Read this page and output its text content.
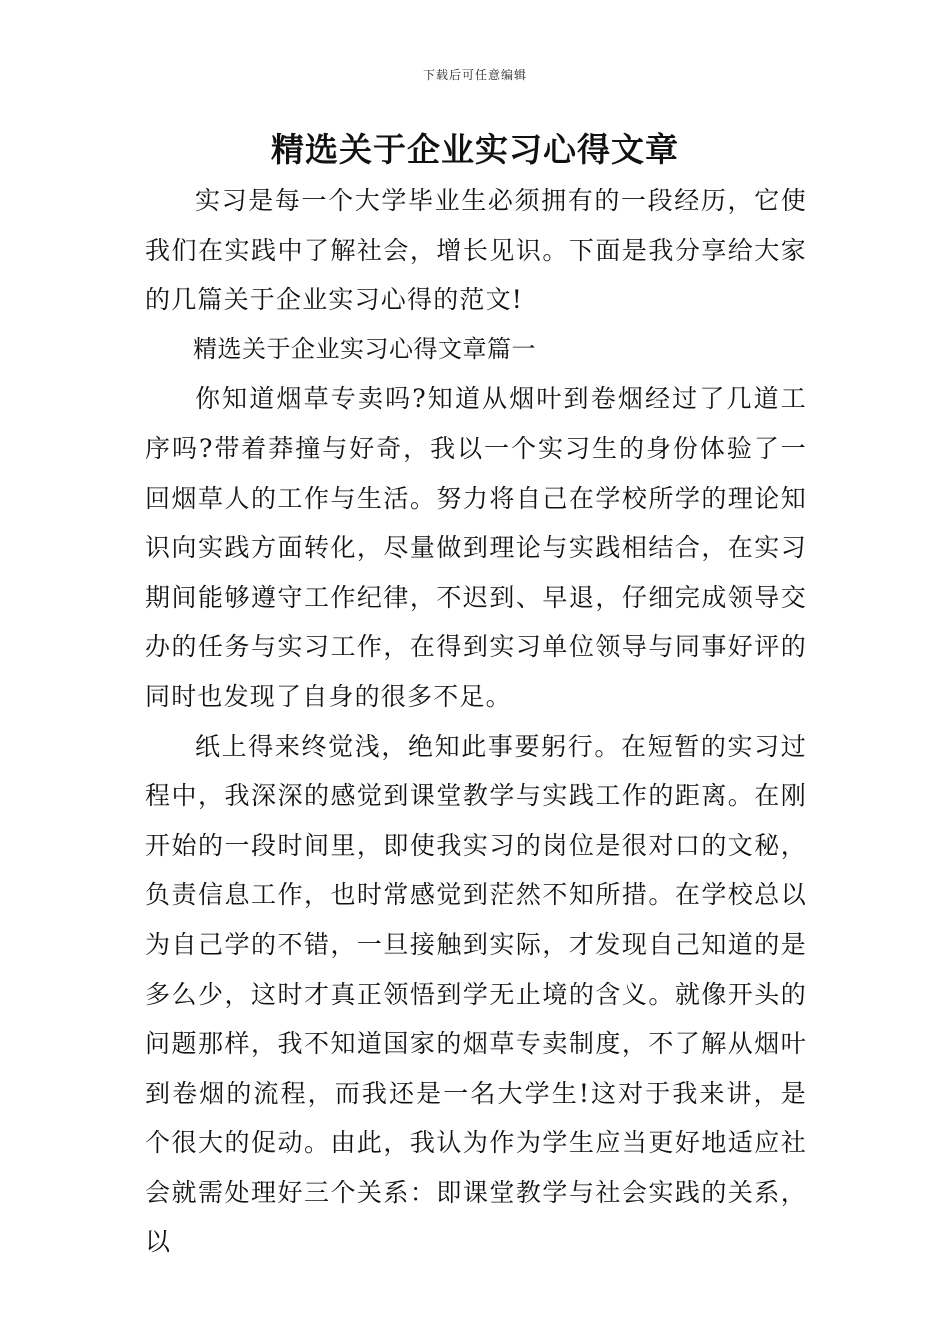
下载后可任意编辑
精选关于企业实习心得文章

实习是每一个大学毕业生必须拥有的一段经历，它使我们在实践中了解社会，增长见识。下面是我分享给大家的几篇关于企业实习心得的范文!

精选关于企业实习心得文章篇一

你知道烟草专卖吗?知道从烟叶到卷烟经过了几道工序吗?带着莽撞与好奇，我以一个实习生的身份体验了一回烟草人的工作与生活。努力将自己在学校所学的理论知识向实践方面转化，尽量做到理论与实践相结合，在实习期间能够遵守工作纪律，不迟到、早退，仔细完成领导交办的任务与实习工作，在得到实习单位领导与同事好评的同时也发现了自身的很多不足。

纸上得来终觉浅，绝知此事要躬行。在短暂的实习过程中，我深深的感觉到课堂教学与实践工作的距离。在刚开始的一段时间里，即使我实习的岗位是很对口的文秘，负责信息工作，也时常感觉到茫然不知所措。在学校总以为自己学的不错，一旦接触到实际，才发现自己知道的是多么少，这时才真正领悟到学无止境的含义。就像开头的问题那样，我不知道国家的烟草专卖制度，不了解从烟叶到卷烟的流程，而我还是一名大学生!这对于我来讲，是个很大的促动。由此，我认为作为学生应当更好地适应社会就需处理好三个关系：即课堂教学与社会实践的关系，以
